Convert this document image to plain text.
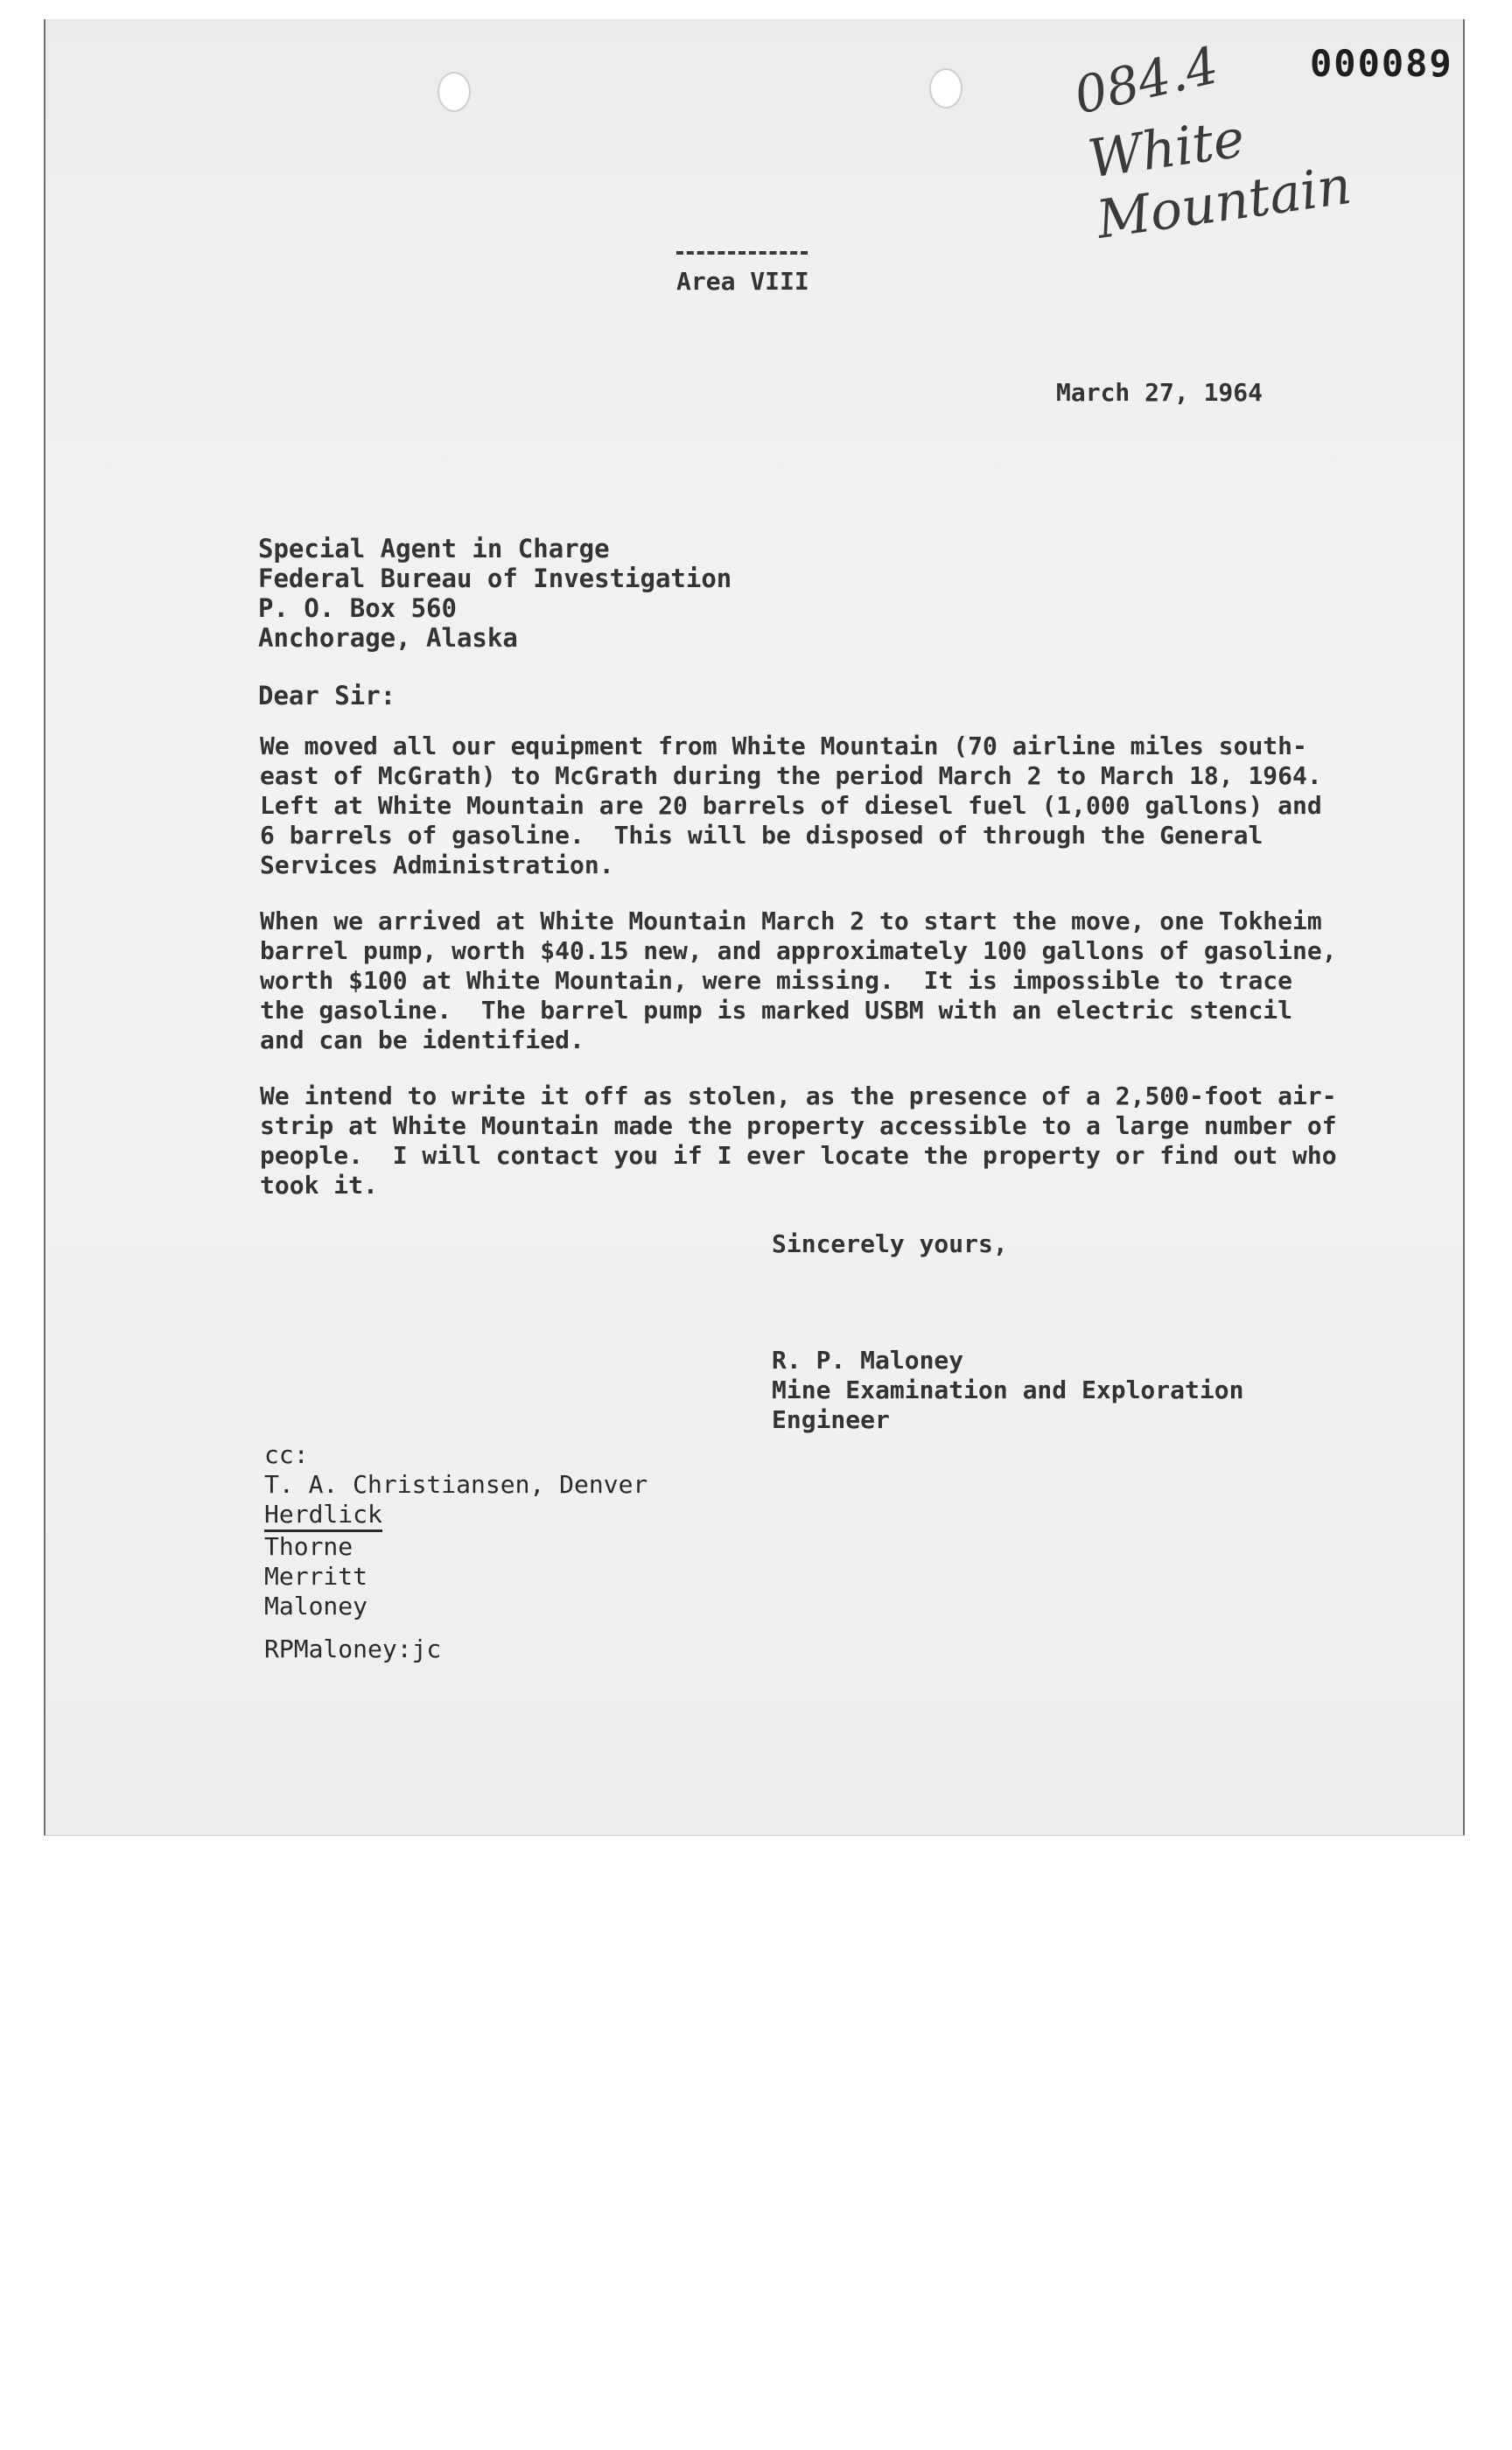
000089
084.4
White Mountain
Area VIII
March 27, 1964
Special Agent in Charge
Federal Bureau of Investigation
P. O. Box 560
Anchorage, Alaska
Dear Sir:
We moved all our equipment from White Mountain (70 airline miles south-
east of McGrath) to McGrath during the period March 2 to March 18, 1964.
Left at White Mountain are 20 barrels of diesel fuel (1,000 gallons) and
6 barrels of gasoline.  This will be disposed of through the General
Services Administration.
When we arrived at White Mountain March 2 to start the move, one Tokheim
barrel pump, worth $40.15 new, and approximately 100 gallons of gasoline,
worth $100 at White Mountain, were missing.  It is impossible to trace
the gasoline.  The barrel pump is marked USBM with an electric stencil
and can be identified.
We intend to write it off as stolen, as the presence of a 2,500-foot air-
strip at White Mountain made the property accessible to a large number of
people.  I will contact you if I ever locate the property or find out who
took it.
Sincerely yours,
R. P. Maloney
Mine Examination and Exploration
Engineer
cc:
T. A. Christiansen, Denver
Herdlick
Thorne
Merritt
Maloney
RPMaloney:jc
